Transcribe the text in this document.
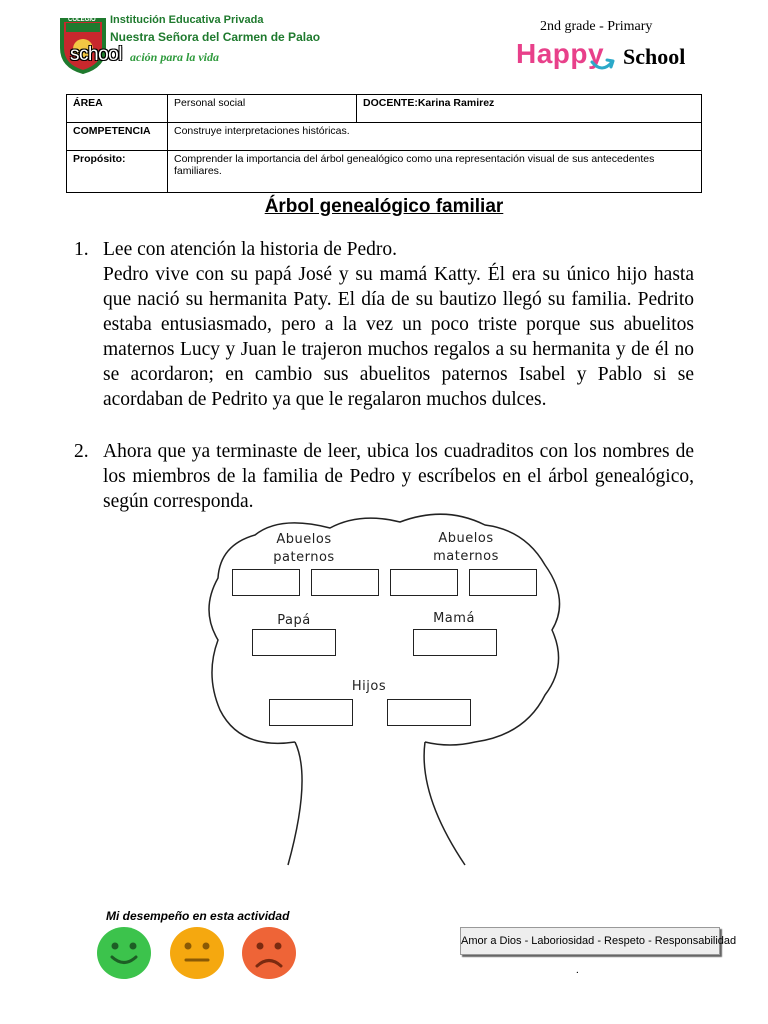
COLEGIO Institución Educativa Privada
Nuestra Señora del Carmen de Palao
school ación para la vida
2nd grade - Primary
Happy School
ÁREA	Personal social	DOCENTE:Karina Ramirez
COMPETENCIA	Construye interpretaciones históricas.	
Propósito:	Comprender la importancia del árbol genealógico como una representación visual de sus antecedentes familiares.	
Árbol genealógico familiar
1. Lee con atención la historia de Pedro.
Pedro vive con su papá José y su mamá Katty. Él era su único hijo hasta que nació su hermanita Paty. El día de su bautizo llegó su familia. Pedrito estaba entusiasmado, pero a la vez un poco triste porque sus abuelitos maternos Lucy y Juan le trajeron muchos regalos a su hermanita y de él no se acordaron; en cambio sus abuelitos paternos Isabel y Pablo si se acordaban de Pedrito ya que le regalaron muchos dulces.
2. Ahora que ya terminaste de leer, ubica los cuadraditos con los nombres de los miembros de la familia de Pedro y escríbelos en el árbol genealógico, según corresponda.
Abuelos paternos
Abuelos maternos
Papá	Mamá
Hijos
Mi desempeño en esta actividad
Amor a Dios - Laboriosidad - Respeto - Responsabilidad
.
